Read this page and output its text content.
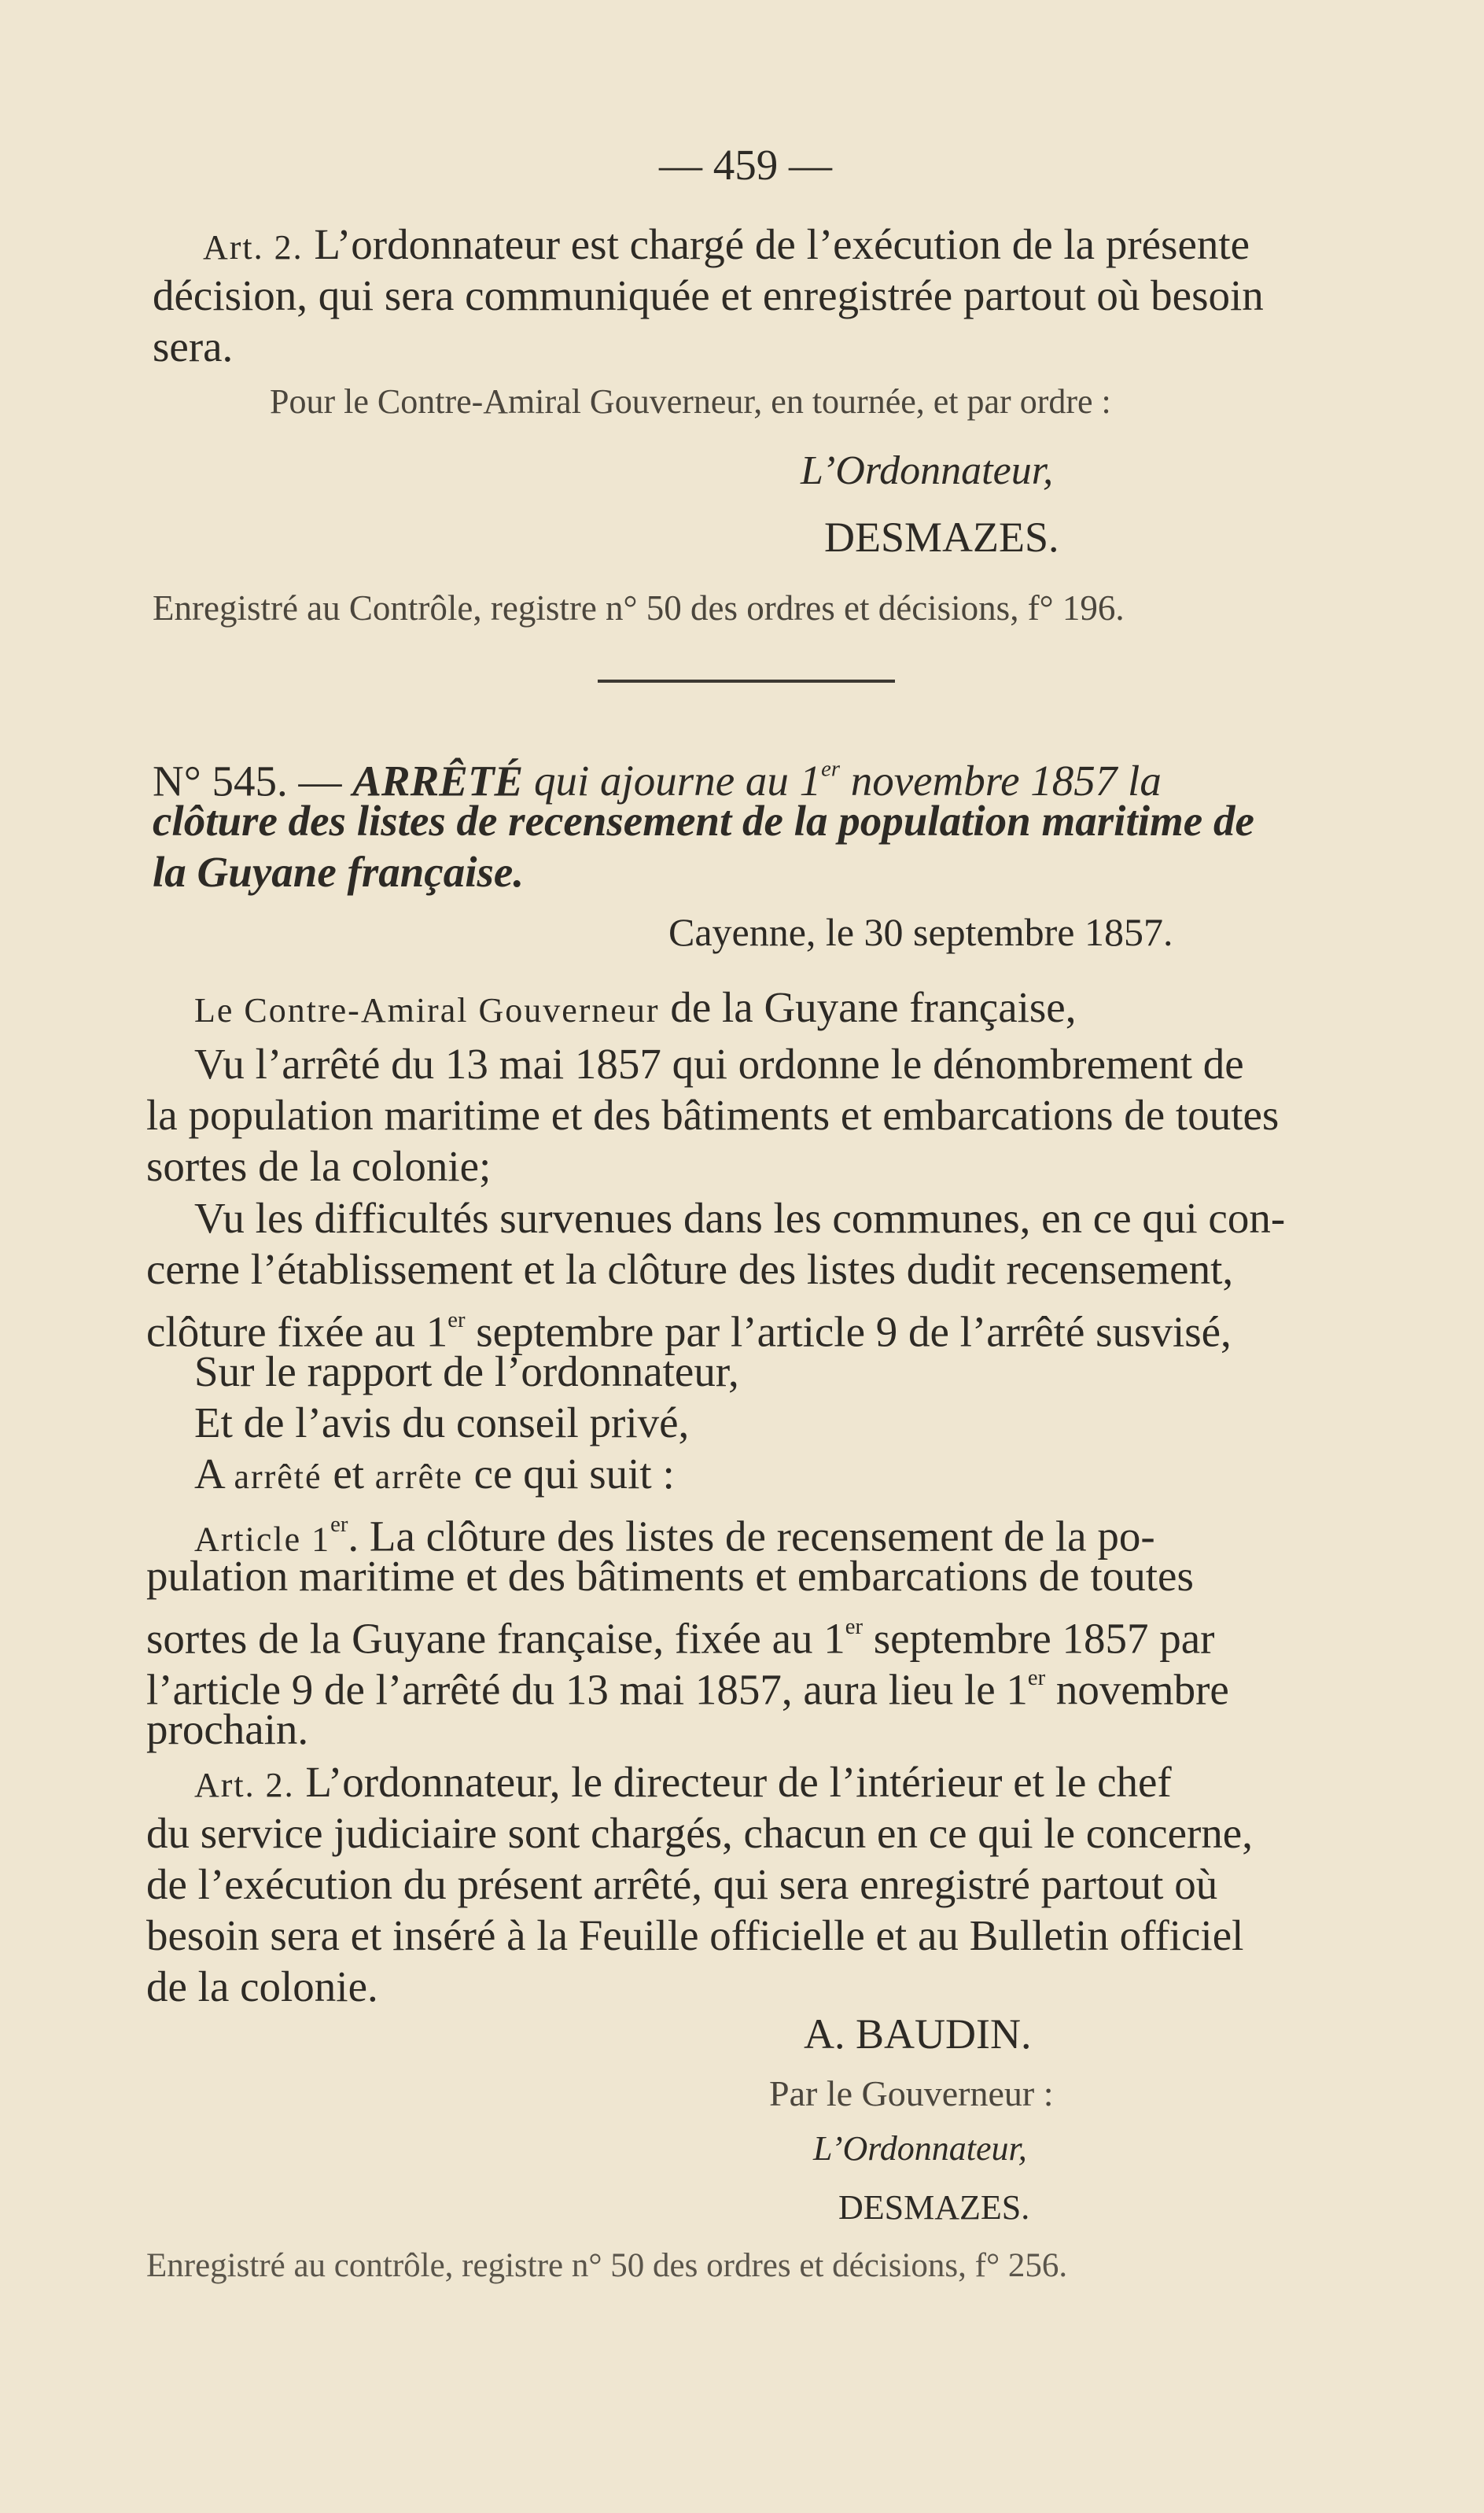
— 459 —

Art. 2. L’ordonnateur est chargé de l’exécution de la présente

décision, qui sera communiquée et enregistrée partout où besoin

sera.

Pour le Contre-Amiral Gouverneur, en tournée, et par ordre :

L’Ordonnateur,

DESMAZES.

Enregistré au Contrôle, registre n° 50 des ordres et décisions, f° 196.

N° 545. — ARRÊTÉ qui ajourne au 1er novembre 1857 la

clôture des listes de recensement de la population maritime de

la Guyane française.

Cayenne, le 30 septembre 1857.

Le Contre-Amiral Gouverneur de la Guyane française,

Vu l’arrêté du 13 mai 1857 qui ordonne le dénombrement de

la population maritime et des bâtiments et embarcations de toutes

sortes de la colonie;

Vu les difficultés survenues dans les communes, en ce qui con-

cerne l’établissement et la clôture des listes dudit recensement,

clôture fixée au 1er septembre par l’article 9 de l’arrêté susvisé,

Sur le rapport de l’ordonnateur,

Et de l’avis du conseil privé,

A arrêté et arrête ce qui suit :

Article 1er. La clôture des listes de recensement de la po-

pulation maritime et des bâtiments et embarcations de toutes

sortes de la Guyane française, fixée au 1er septembre 1857 par

l’article 9 de l’arrêté du 13 mai 1857, aura lieu le 1er novembre

prochain.

Art. 2. L’ordonnateur, le directeur de l’intérieur et le chef

du service judiciaire sont chargés, chacun en ce qui le concerne,

de l’exécution du présent arrêté, qui sera enregistré partout où

besoin sera et inséré à la Feuille officielle et au Bulletin officiel

de la colonie.

A. BAUDIN.

Par le Gouverneur :

L’Ordonnateur,

DESMAZES.

Enregistré au contrôle, registre n° 50 des ordres et décisions, f° 256.
